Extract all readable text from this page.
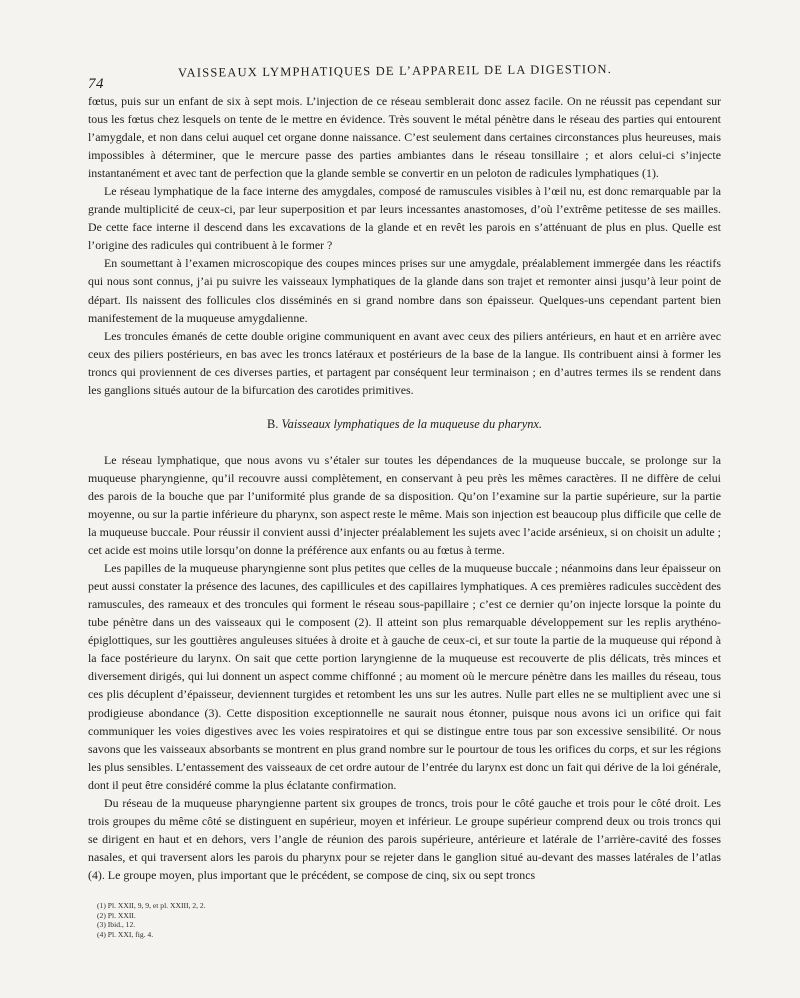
74
VAISSEAUX LYMPHATIQUES DE L’APPAREIL DE LA DIGESTION.

fœtus, puis sur un enfant de six à sept mois. L’injection de ce réseau semblerait donc assez facile. On ne réussit pas cependant sur tous les fœtus chez lesquels on tente de le mettre en évidence. Très souvent le métal pénètre dans le réseau des parties qui entourent l’amygdale, et non dans celui auquel cet organe donne naissance. C’est seulement dans certaines circonstances plus heureuses, mais impossibles à déterminer, que le mercure passe des parties ambiantes dans le réseau tonsillaire ; et alors celui-ci s’injecte instantanément et avec tant de perfection que la glande semble se convertir en un peloton de radicules lymphatiques (1).

Le réseau lymphatique de la face interne des amygdales, composé de ramuscules visibles à l’œil nu, est donc remarquable par la grande multiplicité de ceux-ci, par leur superposition et par leurs incessantes anastomoses, d’où l’extrême petitesse de ses mailles. De cette face interne il descend dans les excavations de la glande et en revêt les parois en s’atténuant de plus en plus. Quelle est l’origine des radicules qui contribuent à le former ?

En soumettant à l’examen microscopique des coupes minces prises sur une amygdale, préalablement immergée dans les réactifs qui nous sont connus, j’ai pu suivre les vaisseaux lymphatiques de la glande dans son trajet et remonter ainsi jusqu’à leur point de départ. Ils naissent des follicules clos disséminés en si grand nombre dans son épaisseur. Quelques-uns cependant partent bien manifestement de la muqueuse amygdalienne.

Les troncules émanés de cette double origine communiquent en avant avec ceux des piliers antérieurs, en haut et en arrière avec ceux des piliers postérieurs, en bas avec les troncs latéraux et postérieurs de la base de la langue. Ils contribuent ainsi à former les troncs qui proviennent de ces diverses parties, et partagent par conséquent leur terminaison ; en d’autres termes ils se rendent dans les ganglions situés autour de la bifurcation des carotides primitives.

B. Vaisseaux lymphatiques de la muqueuse du pharynx.

Le réseau lymphatique, que nous avons vu s’étaler sur toutes les dépendances de la muqueuse buccale, se prolonge sur la muqueuse pharyngienne, qu’il recouvre aussi complètement, en conservant à peu près les mêmes caractères. Il ne diffère de celui des parois de la bouche que par l’uniformité plus grande de sa disposition. Qu’on l’examine sur la partie supérieure, sur la partie moyenne, ou sur la partie inférieure du pharynx, son aspect reste le même. Mais son injection est beaucoup plus difficile que celle de la muqueuse buccale. Pour réussir il convient aussi d’injecter préalablement les sujets avec l’acide arsénieux, si on choisit un adulte ; cet acide est moins utile lorsqu’on donne la préférence aux enfants ou au fœtus à terme.

Les papilles de la muqueuse pharyngienne sont plus petites que celles de la muqueuse buccale ; néanmoins dans leur épaisseur on peut aussi constater la présence des lacunes, des capillicules et des capillaires lymphatiques. A ces premières radicules succèdent des ramuscules, des rameaux et des troncules qui forment le réseau sous-papillaire ; c’est ce dernier qu’on injecte lorsque la pointe du tube pénètre dans un des vaisseaux qui le composent (2). Il atteint son plus remarquable développement sur les replis arythéno-épiglottiques, sur les gouttières anguleuses situées à droite et à gauche de ceux-ci, et sur toute la partie de la muqueuse qui répond à la face postérieure du larynx. On sait que cette portion laryngienne de la muqueuse est recouverte de plis délicats, très minces et diversement dirigés, qui lui donnent un aspect comme chiffonné ; au moment où le mercure pénètre dans les mailles du réseau, tous ces plis décuplent d’épaisseur, deviennent turgides et retombent les uns sur les autres. Nulle part elles ne se multiplient avec une si prodigieuse abondance (3). Cette disposition exceptionnelle ne saurait nous étonner, puisque nous avons ici un orifice qui fait communiquer les voies digestives avec les voies respiratoires et qui se distingue entre tous par son excessive sensibilité. Or nous savons que les vaisseaux absorbants se montrent en plus grand nombre sur le pourtour de tous les orifices du corps, et sur les régions les plus sensibles. L’entassement des vaisseaux de cet ordre autour de l’entrée du larynx est donc un fait qui dérive de la loi générale, dont il peut être considéré comme la plus éclatante confirmation.

Du réseau de la muqueuse pharyngienne partent six groupes de troncs, trois pour le côté gauche et trois pour le côté droit. Les trois groupes du même côté se distinguent en supérieur, moyen et inférieur. Le groupe supérieur comprend deux ou trois troncs qui se dirigent en haut et en dehors, vers l’angle de réunion des parois supérieure, antérieure et latérale de l’arrière-cavité des fosses nasales, et qui traversent alors les parois du pharynx pour se rejeter dans le ganglion situé au-devant des masses latérales de l’atlas (4). Le groupe moyen, plus important que le précédent, se compose de cinq, six ou sept troncs

(1) Pl. XXII, 9, 9, et pl. XXIII, 2, 2.
(2) Pl. XXII.
(3) Ibid., 12.
(4) Pl. XXI, fig. 4.
